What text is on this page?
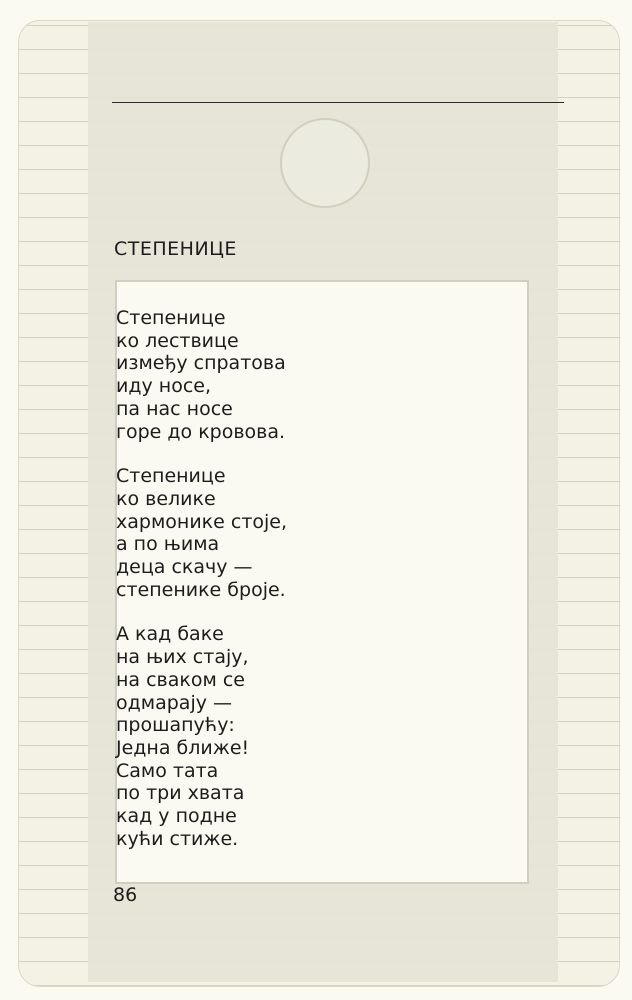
СТЕПЕНИЦЕ
Степенице
ко лествице
између спратова
иду носе,
па нас носе
горе до кровова.
Степенице
ко велике
хармонике стоје,
а по њима
деца скачу —
степенике броје.
А кад баке
на њих стају,
на сваком се
одмарају —
прошапућу:
Једна ближе!
Само тата
по три хвата
кад у подне
кући стиже.
86
